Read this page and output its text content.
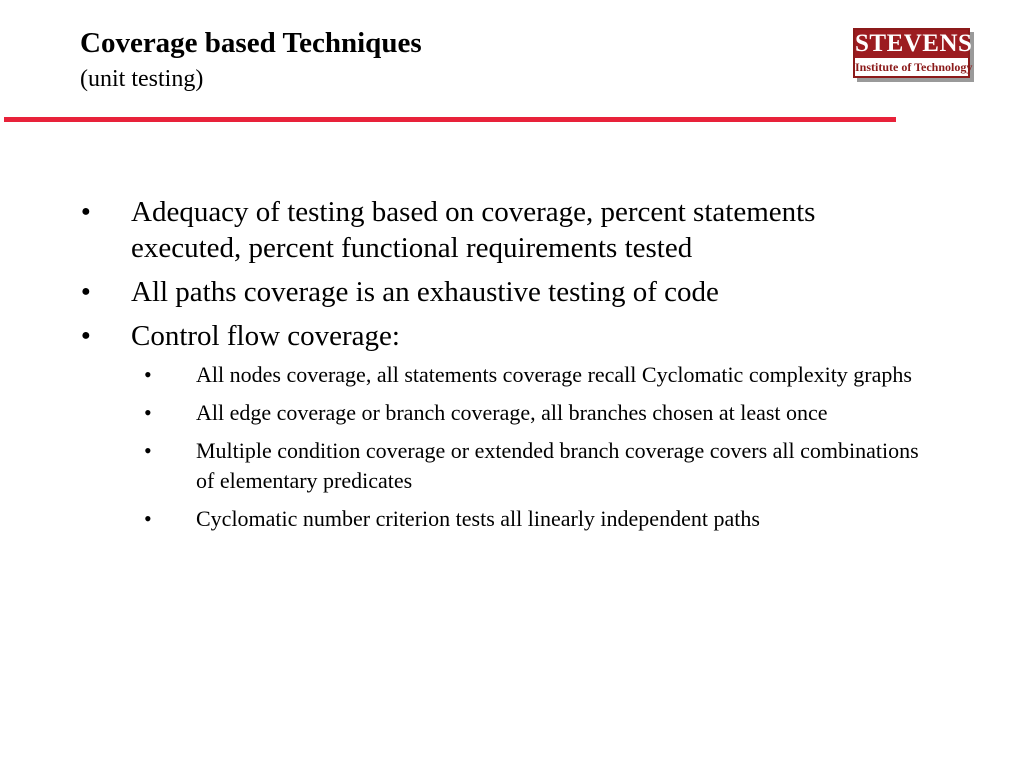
Coverage based Techniques
(unit testing)
STEVENS
Institute of Technology
● Adequacy of testing based on coverage, percent statements executed, percent functional requirements tested
● All paths coverage is an exhaustive testing of code
● Control flow coverage:
• All nodes coverage, all statements coverage recall Cyclomatic complexity graphs
• All edge coverage or branch coverage, all branches chosen at least once
• Multiple condition coverage or extended branch coverage covers all combinations of elementary predicates
• Cyclomatic number criterion tests all linearly independent paths
